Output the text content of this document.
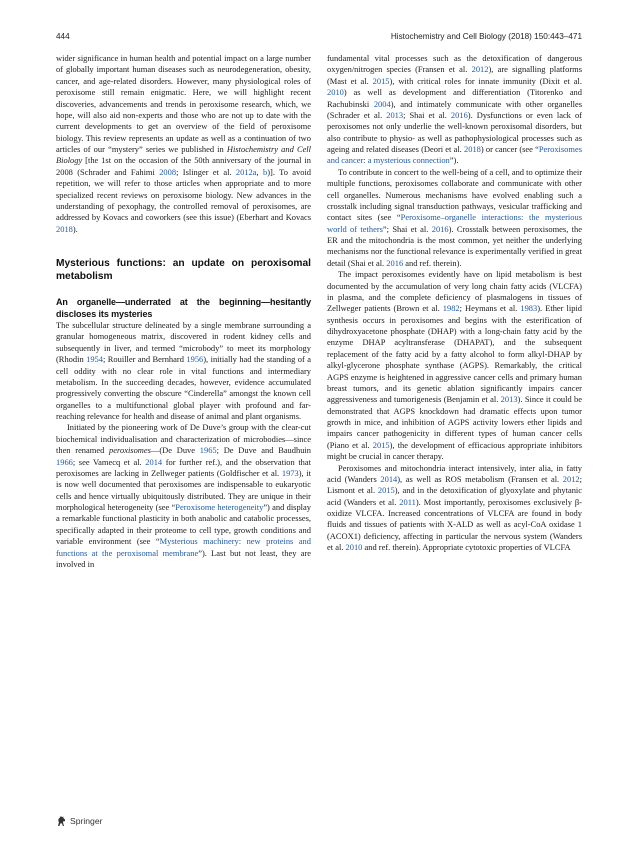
444	Histochemistry and Cell Biology (2018) 150:443–471

wider significance in human health and potential impact on a large number of globally important human diseases such as neurodegeneration, obesity, cancer, and age-related disorders. However, many physiological roles of peroxisome still remain enigmatic. Here, we will highlight recent discoveries, advancements and trends in peroxisome research, which, we hope, will also aid non-experts and those who are not up to date with the current developments to get an overview of the field of peroxisome biology. This review represents an update as well as a continuation of two articles of our “mystery” series we published in Histochemistry and Cell Biology [the 1st on the occasion of the 50th anniversary of the journal in 2008 (Schrader and Fahimi 2008; Islinger et al. 2012a, b)]. To avoid repetition, we will refer to those articles when appropriate and to more specialized recent reviews on peroxisome biology. New advances in the understanding of pexophagy, the controlled removal of peroxisomes, are addressed by Kovacs and coworkers (see this issue) (Eberhart and Kovacs 2018).

Mysterious functions: an update on peroxisomal metabolism
An organelle—underrated at the beginning—hesitantly discloses its mysteries

The subcellular structure delineated by a single membrane surrounding a granular homogeneous matrix, discovered in rodent kidney cells and subsequently in liver, and termed “microbody” to meet its morphology (Rhodin 1954; Rouiller and Bernhard 1956), initially had the standing of a cell oddity with no clear role in vital functions and intermediary metabolism. In the succeeding decades, however, evidence accumulated progressively converting the obscure “Cinderella” amongst the known cell organelles to a multifunctional global player with profound and far-reaching relevance for health and disease of animal and plant organisms.

Initiated by the pioneering work of De Duve’s group with the clear-cut biochemical individualisation and characterization of microbodies—since then renamed peroxisomes—(De Duve 1965; De Duve and Baudhuin 1966; see Vamecq et al. 2014 for further ref.), and the observation that peroxisomes are lacking in Zellweger patients (Goldfischer et al. 1973), it is now well documented that peroxisomes are indispensable to eukaryotic cells and hence virtually ubiquitously distributed. They are unique in their morphological heterogeneity (see “Peroxisome heterogeneity”) and display a remarkable functional plasticity in both anabolic and catabolic processes, specifically adapted in their proteome to cell type, growth conditions and variable environment (see “Mysterious machinery: new proteins and functions at the peroxisomal membrane”). Last but not least, they are involved in

fundamental vital processes such as the detoxification of dangerous oxygen/nitrogen species (Fransen et al. 2012), are signalling platforms (Mast et al. 2015), with critical roles for innate immunity (Dixit et al. 2010) as well as development and differentiation (Titorenko and Rachubinski 2004), and intimately communicate with other organelles (Schrader et al. 2013; Shai et al. 2016). Dysfunctions or even lack of peroxisomes not only underlie the well-known peroxisomal disorders, but also contribute to physio- as well as pathophysiological processes such as ageing and related diseases (Deori et al. 2018) or cancer (see “Peroxisomes and cancer: a mysterious connection”).

To contribute in concert to the well-being of a cell, and to optimize their multiple functions, peroxisomes collaborate and communicate with other cell organelles. Numerous mechanisms have evolved enabling such a crosstalk including signal transduction pathways, vesicular trafficking and contact sites (see “Peroxisome–organelle interactions: the mysterious world of tethers”; Shai et al. 2016). Crosstalk between peroxisomes, the ER and the mitochondria is the most common, yet neither the underlying mechanisms nor the functional relevance is experimentally verified in great detail (Shai et al. 2016 and ref. therein).

The impact peroxisomes evidently have on lipid metabolism is best documented by the accumulation of very long chain fatty acids (VLCFA) in plasma, and the complete deficiency of plasmalogens in tissues of Zellweger patients (Brown et al. 1982; Heymans et al. 1983). Ether lipid synthesis occurs in peroxisomes and begins with the esterification of dihydroxyacetone phosphate (DHAP) with a long-chain fatty acid by the enzyme DHAP acyltransferase (DHAPAT), and the subsequent replacement of the fatty acid by a fatty alcohol to form alkyl-DHAP by alkyl-glycerone phosphate synthase (AGPS). Remarkably, the critical AGPS enzyme is heightened in aggressive cancer cells and primary human breast tumors, and its genetic ablation significantly impairs cancer aggressiveness and tumorigenesis (Benjamin et al. 2013). Since it could be demonstrated that AGPS knockdown had dramatic effects upon tumor growth in mice, and inhibition of AGPS activity lowers ether lipids and impairs cancer pathogenicity in different types of human cancer cells (Piano et al. 2015), the development of efficacious appropriate inhibitors might be crucial in cancer therapy.

Peroxisomes and mitochondria interact intensively, inter alia, in fatty acid (Wanders 2014), as well as ROS metabolism (Fransen et al. 2012; Lismont et al. 2015), and in the detoxification of glyoxylate and phytanic acid (Wanders et al. 2011). Most importantly, peroxisomes exclusively β-oxidize VLCFA. Increased concentrations of VLCFA are found in body fluids and tissues of patients with X-ALD as well as acyl-CoA oxidase 1 (ACOX1) deficiency, affecting in particular the nervous system (Wanders et al. 2010 and ref. therein). Appropriate cytotoxic properties of VLCFA

Springer
